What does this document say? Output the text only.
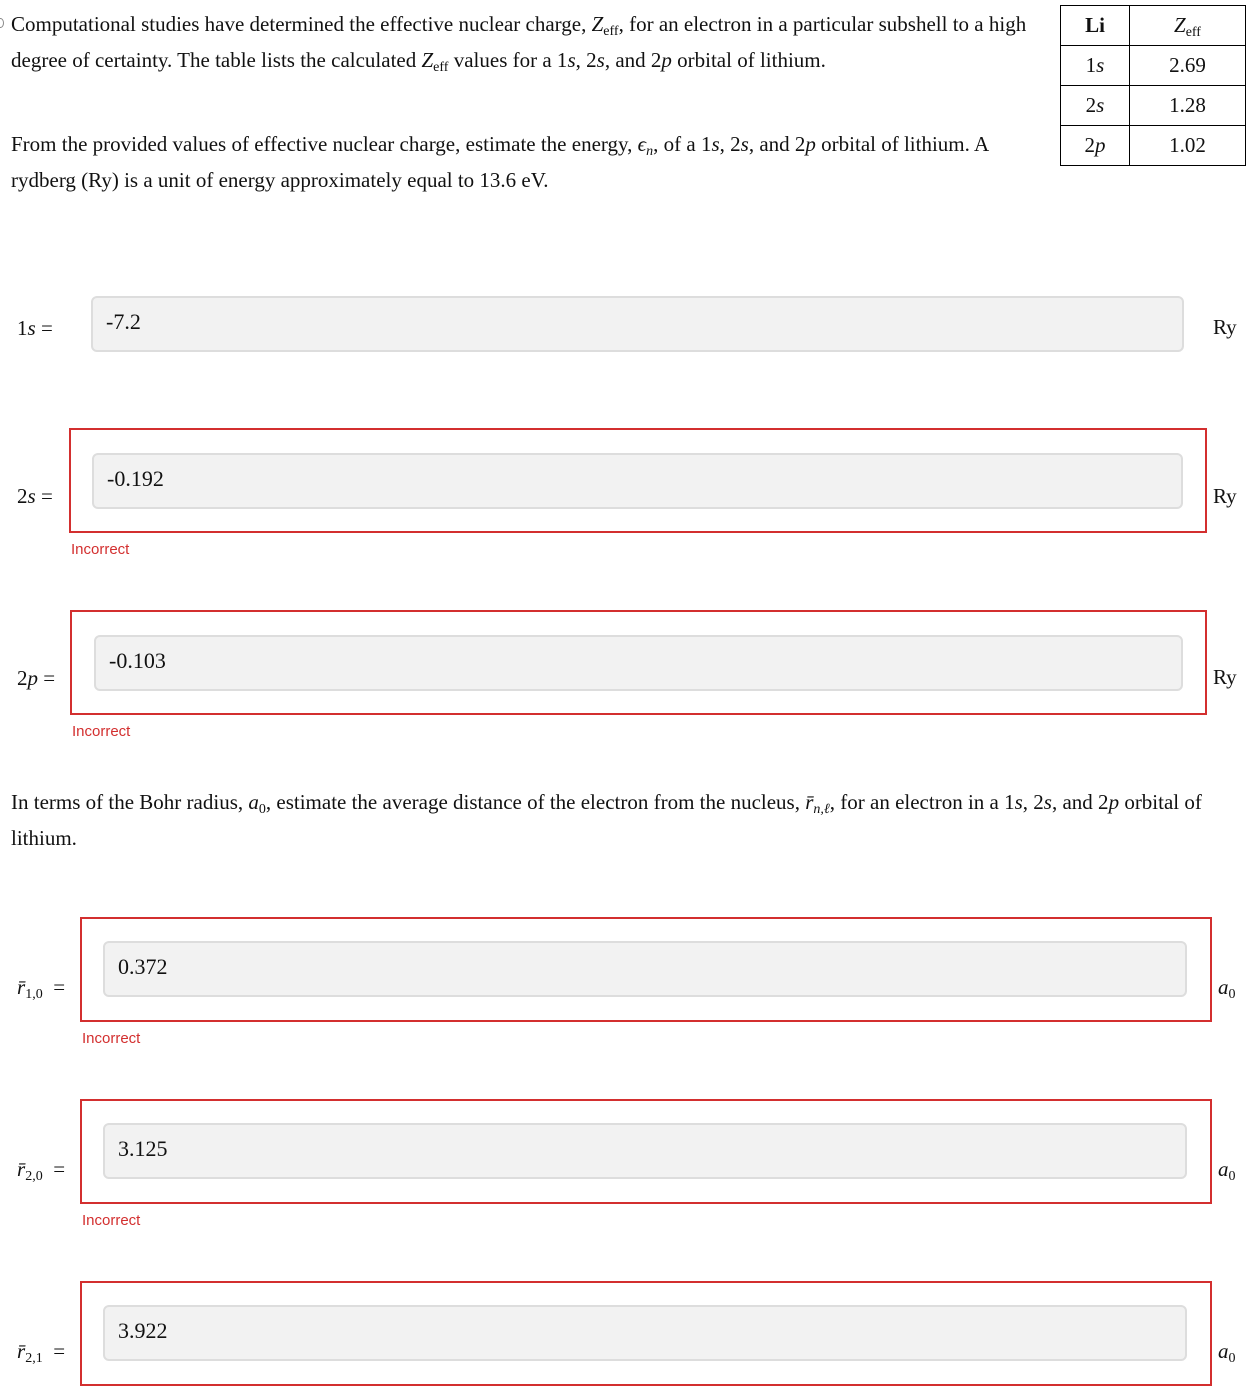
Computational studies have determined the effective nuclear charge, $Z_{eff}$, for an electron in a particular subshell to a high degree of certainty. The table lists the calculated $Z_{eff}$ values for a 1s, 2s, and 2p orbital of lithium.
From the provided values of effective nuclear charge, estimate the energy, $\epsilon_n$, of a 1s, 2s, and 2p orbital of lithium. A rydberg (Ry) is a unit of energy approximately equal to 13.6 eV.
Li	$Z_{eff}$
1s	2.69
2s	1.28
2p	1.02
1s = -7.2	Ry
2s =
-0.192
Ry
Incorrect
2p =
-0.103
Ry
Incorrect
In terms of the Bohr radius, $a_0$, estimate the average distance of the electron from the nucleus, $r̄_{n,\ell}$, for an electron in a 1s, 2s, and 2p orbital of lithium.
$r̄_{1,0}$ =
0.372
$a_0$
Incorrect
$r̄_{2,0}$ =
3.125
$a_0$
Incorrect
$r̄_{2,1}$ =
3.922
$a_0$
